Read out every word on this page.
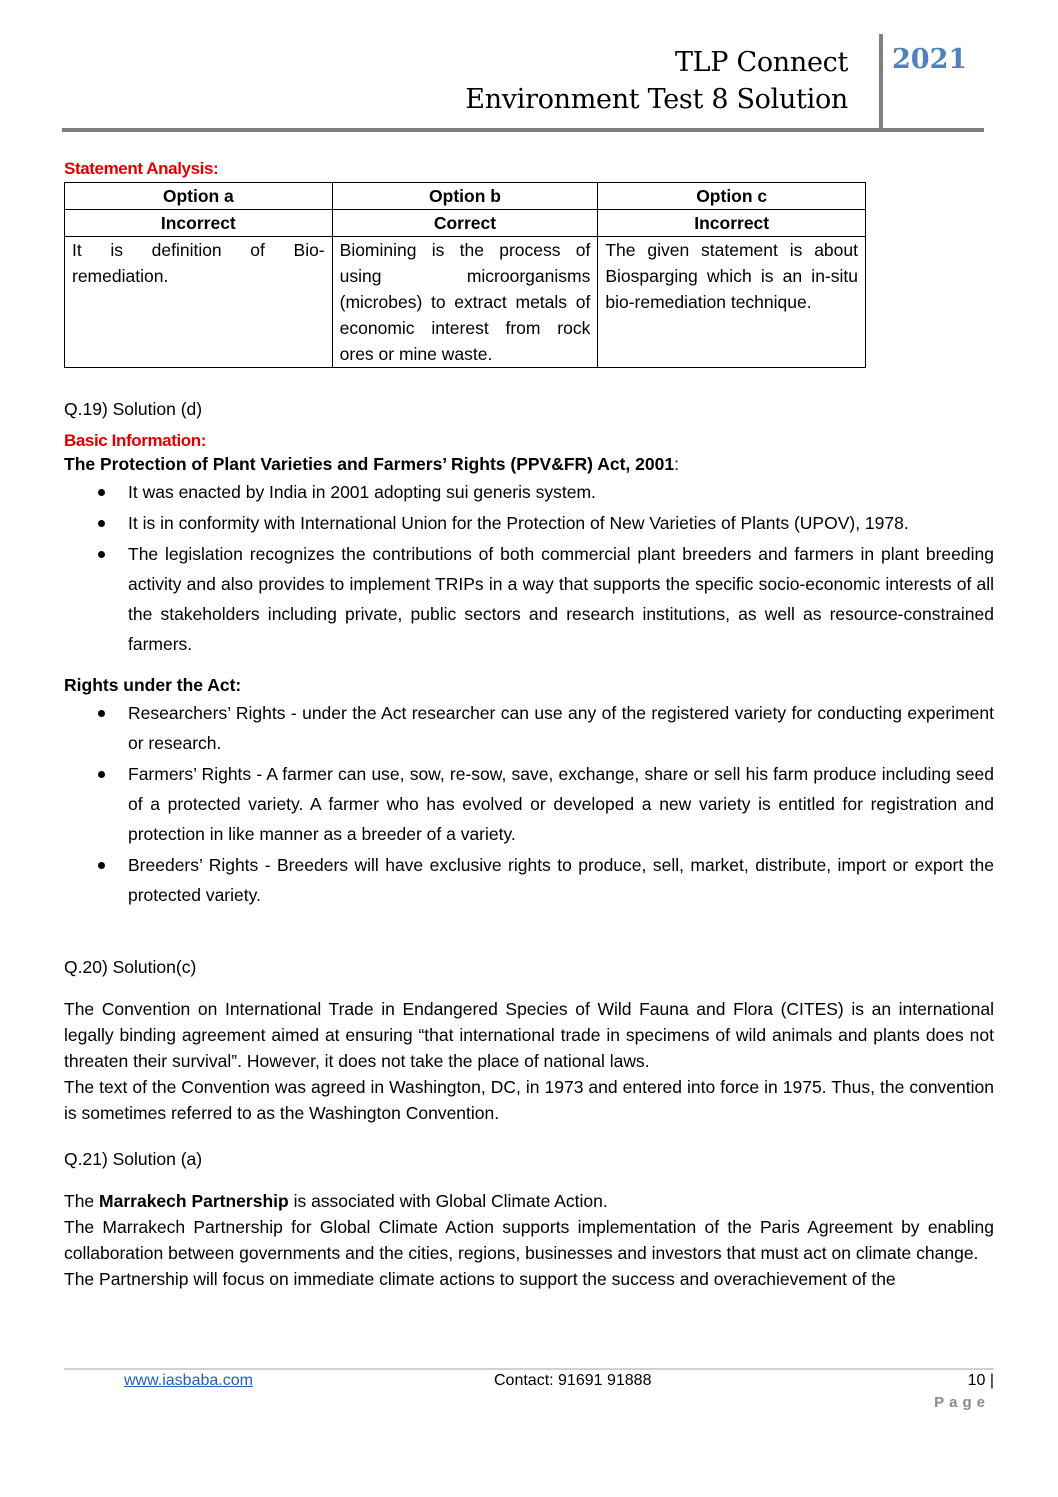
TLP Connect
Environment Test 8 Solution
2021
Statement Analysis:
Option a	Option b	Option c
Incorrect	Correct	Incorrect
It is definition of Bio-remediation.	Biomining is the process of using microorganisms (microbes) to extract metals of economic interest from rock ores or mine waste.	The given statement is about Biosparging which is an in-situ bio-remediation technique.
Q.19) Solution (d)
Basic Information:
The Protection of Plant Varieties and Farmers’ Rights (PPV&FR) Act, 2001:
It was enacted by India in 2001 adopting sui generis system.
It is in conformity with International Union for the Protection of New Varieties of Plants (UPOV), 1978.
The legislation recognizes the contributions of both commercial plant breeders and farmers in plant breeding activity and also provides to implement TRIPs in a way that supports the specific socio-economic interests of all the stakeholders including private, public sectors and research institutions, as well as resource-constrained farmers.
Rights under the Act:
Researchers’ Rights - under the Act researcher can use any of the registered variety for conducting experiment or research.
Farmers’ Rights - A farmer can use, sow, re-sow, save, exchange, share or sell his farm produce including seed of a protected variety. A farmer who has evolved or developed a new variety is entitled for registration and protection in like manner as a breeder of a variety.
Breeders’ Rights - Breeders will have exclusive rights to produce, sell, market, distribute, import or export the protected variety.
Q.20) Solution(c)

The Convention on International Trade in Endangered Species of Wild Fauna and Flora (CITES) is an international legally binding agreement aimed at ensuring “that international trade in specimens of wild animals and plants does not threaten their survival”. However, it does not take the place of national laws.

The text of the Convention was agreed in Washington, DC, in 1973 and entered into force in 1975. Thus, the convention is sometimes referred to as the Washington Convention.

Q.21) Solution (a)

The Marrakech Partnership is associated with Global Climate Action.

The Marrakech Partnership for Global Climate Action supports implementation of the Paris Agreement by enabling collaboration between governments and the cities, regions, businesses and investors that must act on climate change.

The Partnership will focus on immediate climate actions to support the success and overachievement of the

www.iasbaba.com	Contact: 91691 91888	10 |
Page
